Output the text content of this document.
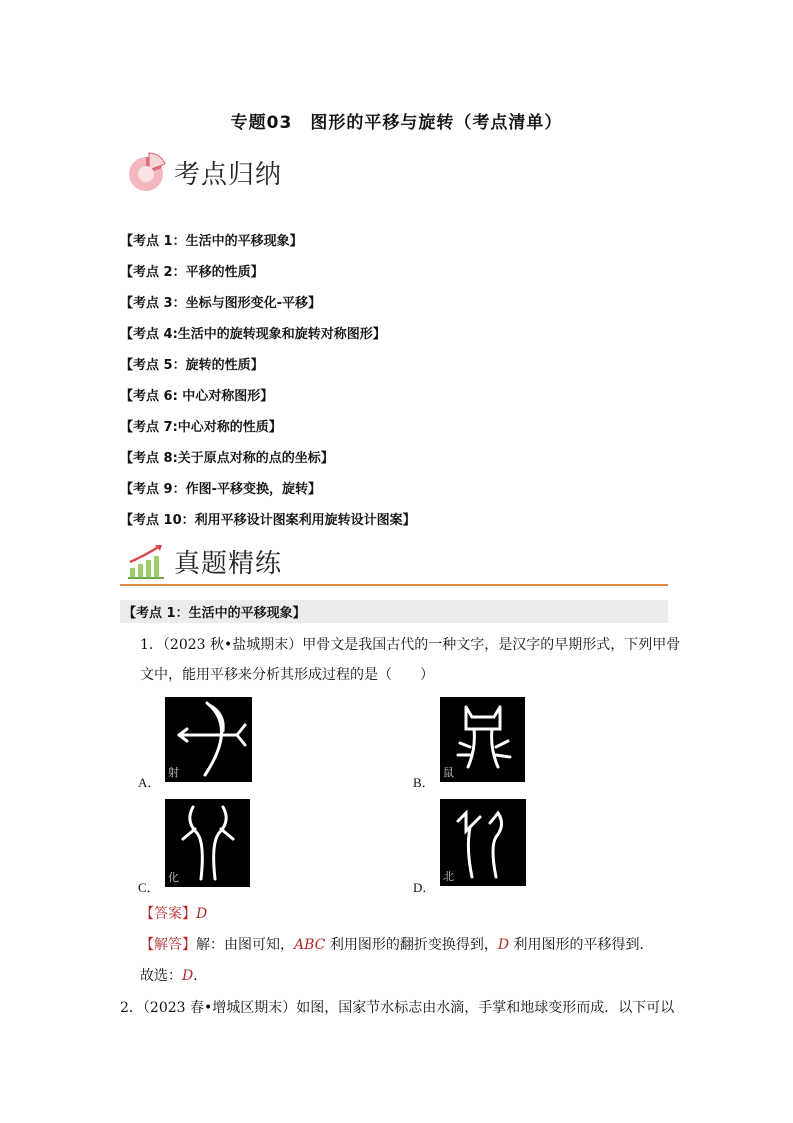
专题03　图形的平移与旋转（考点清单）
考点归纳
【考点 1：生活中的平移现象】
【考点 2：平移的性质】
【考点 3：坐标与图形变化-平移】
【考点 4:生活中的旋转现象和旋转对称图形】
【考点 5：旋转的性质】
【考点 6: 中心对称图形】
【考点 7:中心对称的性质】
【考点 8:关于原点对称的点的坐标】
【考点 9：作图-平移变换，旋转】
【考点 10：利用平移设计图案利用旋转设计图案】
真题精练
【考点 1：生活中的平移现象】
1．（2023 秋•盐城期末）甲骨文是我国古代的一种文字，是汉字的早期形式，下列甲骨
文中，能用平移来分析其形成过程的是（　　）
A．
射
B．
鼠
C．
化
D．
北
【答案】D
【解答】解：由图可知，ABC 利用图形的翻折变换得到，D 利用图形的平移得到．
故选：D．
2．（2023 春•增城区期末）如图，国家节水标志由水滴，手掌和地球变形而成．以下可以
